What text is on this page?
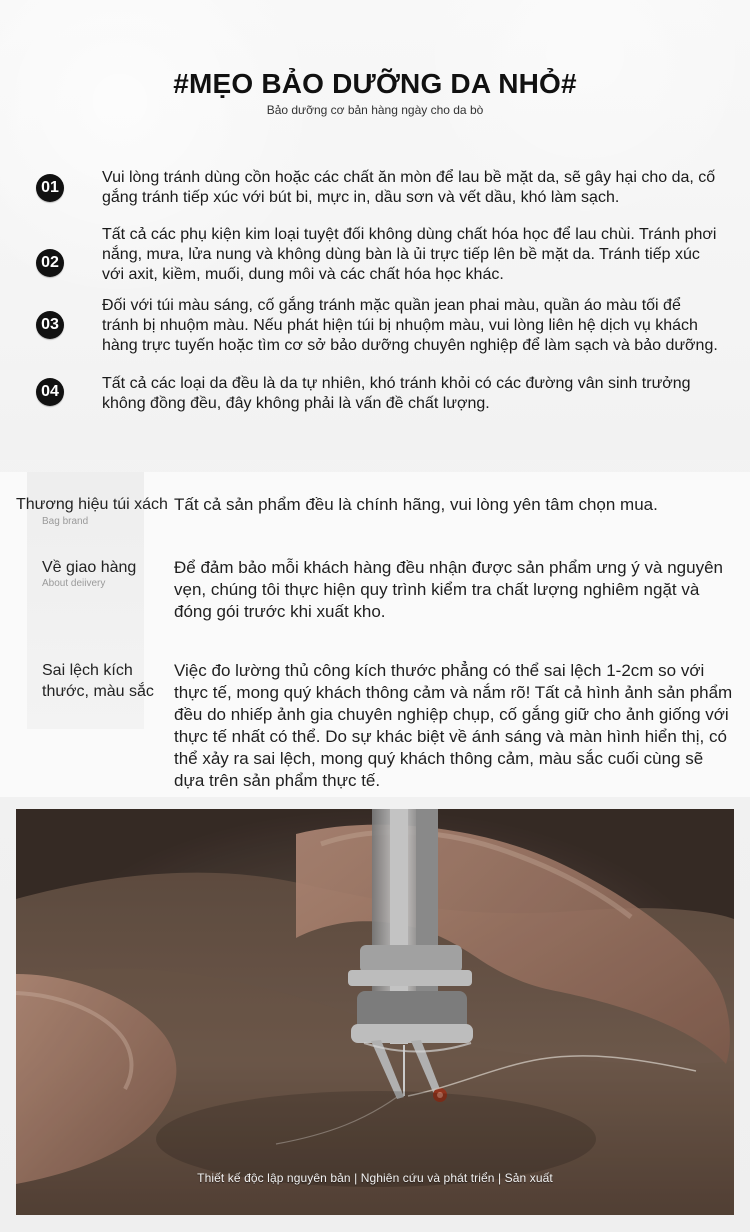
#MẸO BẢO DƯỠNG DA NHỎ#

Bảo dưỡng cơ bản hàng ngày cho da bò

01

Vui lòng tránh dùng cồn hoặc các chất ăn mòn để lau bề mặt da, sẽ gây hại cho da, cố gắng tránh tiếp xúc với bút bi, mực in, dầu sơn và vết dầu, khó làm sạch.

02

Tất cả các phụ kiện kim loại tuyệt đối không dùng chất hóa học để lau chùi. Tránh phơi nắng, mưa, lửa nung và không dùng bàn là ủi trực tiếp lên bề mặt da. Tránh tiếp xúc với axit, kiềm, muối, dung môi và các chất hóa học khác.

03

Đối với túi màu sáng, cố gắng tránh mặc quần jean phai màu, quần áo màu tối để tránh bị nhuộm màu. Nếu phát hiện túi bị nhuộm màu, vui lòng liên hệ dịch vụ khách hàng trực tuyến hoặc tìm cơ sở bảo dưỡng chuyên nghiệp để làm sạch và bảo dưỡng.

04	Tất cả các loại da đều là da tự nhiên, khó tránh khỏi có các đường vân sinh trưởng không đồng đều, đây không phải là vấn đề chất lượng.

Thương hiệu túi xách
Bag brand

Tất cả sản phẩm đều là chính hãng, vui lòng yên tâm chọn mua.

Về giao hàng
About deiivery

Để đảm bảo mỗi khách hàng đều nhận được sản phẩm ưng ý và nguyên vẹn, chúng tôi thực hiện quy trình kiểm tra chất lượng nghiêm ngặt và đóng gói trước khi xuất kho.

Sai lệch kích thước, màu sắc

Việc đo lường thủ công kích thước phẳng có thể sai lệch 1-2cm so với thực tế, mong quý khách thông cảm và nắm rõ! Tất cả hình ảnh sản phẩm đều do nhiếp ảnh gia chuyên nghiệp chụp, cố gắng giữ cho ảnh giống với thực tế nhất có thể. Do sự khác biệt về ánh sáng và màn hình hiển thị, có thể xảy ra sai lệch, mong quý khách thông cảm, màu sắc cuối cùng sẽ dựa trên sản phẩm thực tế.

Thiết kế độc lập nguyên bản | Nghiên cứu và phát triển | Sản xuất
